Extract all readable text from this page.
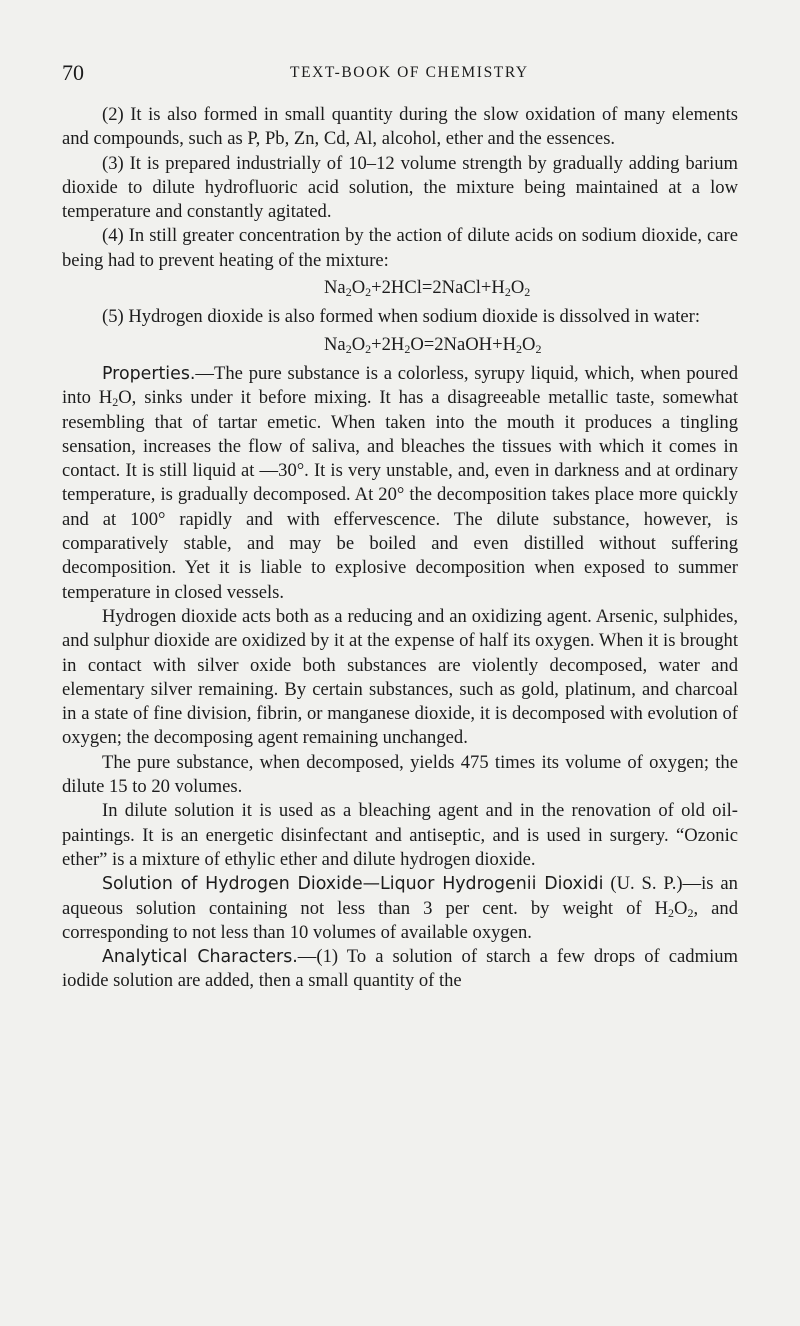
70	TEXT-BOOK OF CHEMISTRY

(2) It is also formed in small quantity during the slow oxidation of many elements and compounds, such as P, Pb, Zn, Cd, Al, alcohol, ether and the essences.

(3) It is prepared industrially of 10–12 volume strength by gradually adding barium dioxide to dilute hydrofluoric acid solution, the mixture being maintained at a low temperature and constantly agitated.

(4) In still greater concentration by the action of dilute acids on sodium dioxide, care being had to prevent heating of the mixture:

$Na_2O_2+2HCl=2NaCl+H_2O_2$

(5) Hydrogen dioxide is also formed when sodium dioxide is dissolved in water:

$Na_2O_2+2H_2O=2NaOH+H_2O_2$

Properties.—The pure substance is a colorless, syrupy liquid, which, when poured into $H_2O$, sinks under it before mixing. It has a disagreeable metallic taste, somewhat resembling that of tartar emetic. When taken into the mouth it produces a tingling sensation, increases the flow of saliva, and bleaches the tissues with which it comes in contact. It is still liquid at —30°. It is very unstable, and, even in darkness and at ordinary temperature, is gradually decomposed. At 20° the decomposition takes place more quickly and at 100° rapidly and with effervescence. The dilute substance, however, is comparatively stable, and may be boiled and even distilled without suffering decomposition. Yet it is liable to explosive decomposition when exposed to summer temperature in closed vessels.

Hydrogen dioxide acts both as a reducing and an oxidizing agent. Arsenic, sulphides, and sulphur dioxide are oxidized by it at the expense of half its oxygen. When it is brought in contact with silver oxide both substances are violently decomposed, water and elementary silver remaining. By certain substances, such as gold, platinum, and charcoal in a state of fine division, fibrin, or manganese dioxide, it is decomposed with evolution of oxygen; the decomposing agent remaining unchanged.

The pure substance, when decomposed, yields 475 times its volume of oxygen; the dilute 15 to 20 volumes.

In dilute solution it is used as a bleaching agent and in the renovation of old oil-paintings. It is an energetic disinfectant and antiseptic, and is used in surgery. “Ozonic ether” is a mixture of ethylic ether and dilute hydrogen dioxide.

Solution of Hydrogen Dioxide—Liquor Hydrogenii Dioxidi (U. S. P.)—is an aqueous solution containing not less than 3 per cent. by weight of $H_2O_2$, and corresponding to not less than 10 volumes of available oxygen.

Analytical Characters.—(1) To a solution of starch a few drops of cadmium iodide solution are added, then a small quantity of the
